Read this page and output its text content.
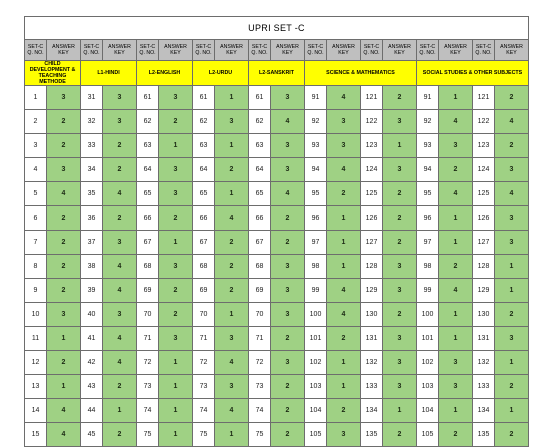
UPRI SET -C																	
SET-C Q. NO.	ANSWER KEY	SET-C Q. NO.	ANSWER KEY	SET-C Q. NO.	ANSWER KEY	SET-C Q. NO.	ANSWER KEY	SET-C Q. NO.	ANSWER KEY	SET-C Q. NO.	ANSWER KEY	SET-C Q. NO.	ANSWER KEY	SET-C Q. NO.	ANSWER KEY	SET-C Q. NO.	ANSWER KEY
CHILD DEVELOPMENT & TEACHING METHODE		L1-HINDI		L2-ENGLISH		L2-URDU		L2-SANSKRIT		SCIENCE & MATHEMATICS				SOCIAL STUDIES & OTHER SUBJECTS			
1	3	31	3	61	3	61	1	61	3	91	4	121	2	91	1	121	2
2	2	32	3	62	2	62	3	62	4	92	3	122	3	92	4	122	4
3	2	33	2	63	1	63	1	63	3	93	3	123	1	93	3	123	2
4	3	34	2	64	3	64	2	64	3	94	4	124	3	94	2	124	3
5	4	35	4	65	3	65	1	65	4	95	2	125	2	95	4	125	4
6	2	36	2	66	2	66	4	66	2	96	1	126	2	96	1	126	3
7	2	37	3	67	1	67	2	67	2	97	1	127	2	97	1	127	3
8	2	38	4	68	3	68	2	68	3	98	1	128	3	98	2	128	1
9	2	39	4	69	2	69	2	69	3	99	4	129	3	99	4	129	1
10	3	40	3	70	2	70	1	70	3	100	4	130	2	100	1	130	2
11	1	41	4	71	3	71	3	71	2	101	2	131	3	101	1	131	3
12	2	42	4	72	1	72	4	72	3	102	1	132	3	102	3	132	1
13	1	43	2	73	1	73	3	73	2	103	1	133	3	103	3	133	2
14	4	44	1	74	1	74	4	74	2	104	2	134	1	104	1	134	1
15	4	45	2	75	1	75	1	75	2	105	3	135	2	105	2	135	2
